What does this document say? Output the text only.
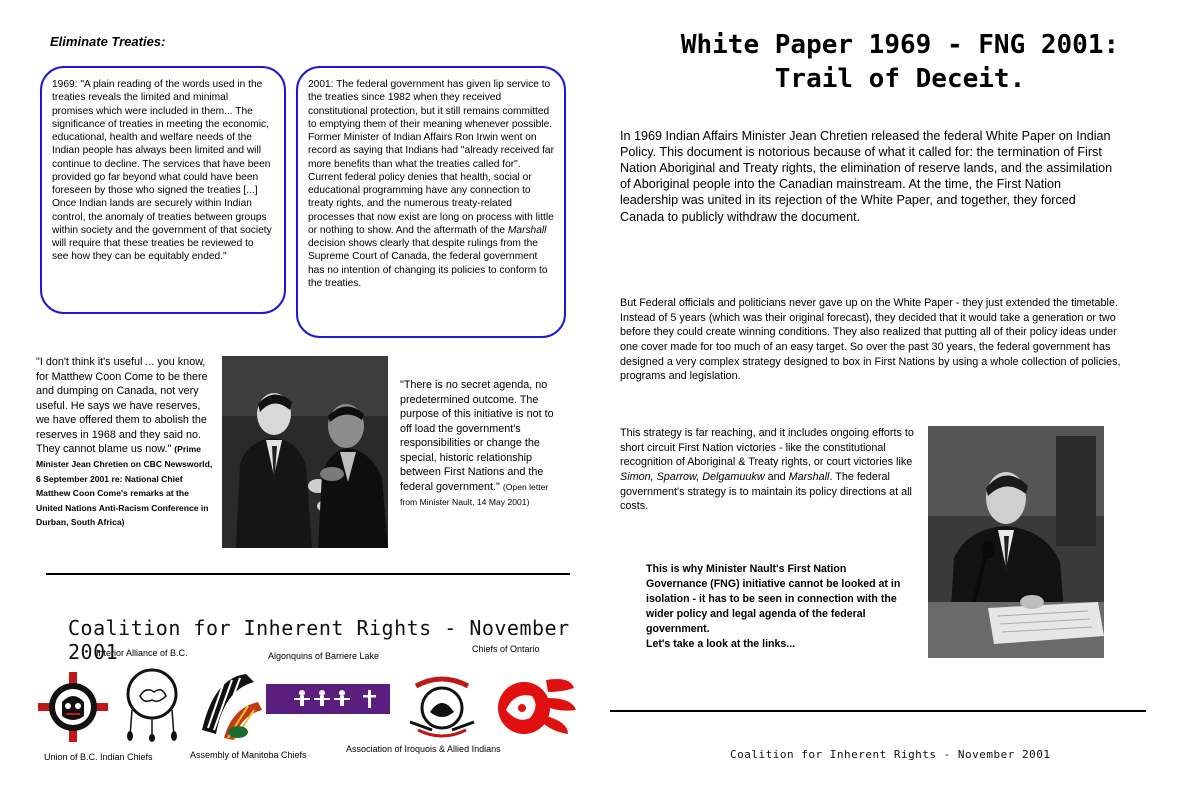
Eliminate Treaties:
1969: "A plain reading of the words used in the treaties reveals the limited and minimal promises which were included in them... The significance of treaties in meeting the economic, educational, health and welfare needs of the Indian people has always been limited and will continue to decline. The services that have been provided go far beyond what could have been foreseen by those who signed the treaties [...] Once Indian lands are securely within Indian control, the anomaly of treaties between groups within society and the government of that society will require that these treaties be reviewed to see how they can be equitably ended."
2001: The federal government has given lip service to the treaties since 1982 when they received constitutional protection, but it still remains committed to emptying them of their meaning whenever possible. Former Minister of Indian Affairs Ron Irwin went on record as saying that Indians had "already received far more benefits than what the treaties called for". Current federal policy denies that health, social or educational programming have any connection to treaty rights, and the numerous treaty-related processes that now exist are long on process with little or nothing to show. And the aftermath of the Marshall decision shows clearly that despite rulings from the Supreme Court of Canada, the federal government has no intention of changing its policies to conform to the treaties.
"I don't think it's useful ... you know, for Matthew Coon Come to be there and dumping on Canada, not very useful. He says we have reserves, we have offered them to abolish the reserves in 1968 and they said no. They cannot blame us now." (Prime Minister Jean Chretien on CBC Newsworld, 6 September 2001 re: National Chief Matthew Coon Come's remarks at the United Nations Anti-Racism Conference in Durban, South Africa)
"There is no secret agenda, no predetermined outcome. The purpose of this initiative is not to off load the government's responsibilities or change the special, historic relationship between First Nations and the federal government." (Open letter from Minister Nault, 14 May 2001)
Coalition for Inherent Rights - November 2001
Interior Alliance of B.C.	Algonquins of Barriere Lake
Chiefs of Ontario
Union of B.C. Indian Chiefs	Assembly of Manitoba Chiefs
Association of Iroquois & Allied Indians
White Paper 1969 - FNG 2001:
Trail of Deceit.
In 1969 Indian Affairs Minister Jean Chretien released the federal White Paper on Indian Policy. This document is notorious because of what it called for: the termination of First Nation Aboriginal and Treaty rights, the elimination of reserve lands, and the assimilation of Aboriginal people into the Canadian mainstream. At the time, the First Nation leadership was united in its rejection of the White Paper, and together, they forced Canada to publicly withdraw the document.
But Federal officials and politicians never gave up on the White Paper - they just extended the timetable. Instead of 5 years (which was their original forecast), they decided that it would take a generation or two before they could create winning conditions. They also realized that putting all of their policy ideas under one cover made for too much of an easy target. So over the past 30 years, the federal government has designed a very complex strategy designed to box in First Nations by using a whole collection of policies, programs and legislation.
This strategy is far reaching, and it includes ongoing efforts to short circuit First Nation victories - like the constitutional recognition of Aboriginal & Treaty rights, or court victories like Simon, Sparrow, Delgamuukw and Marshall. The federal government's strategy is to maintain its policy directions at all costs.
This is why Minister Nault's First Nation Governance (FNG) initiative cannot be looked at in isolation - it has to be seen in connection with the wider policy and legal agenda of the federal government.
Let's take a look at the links...
Coalition for Inherent Rights - November 2001
